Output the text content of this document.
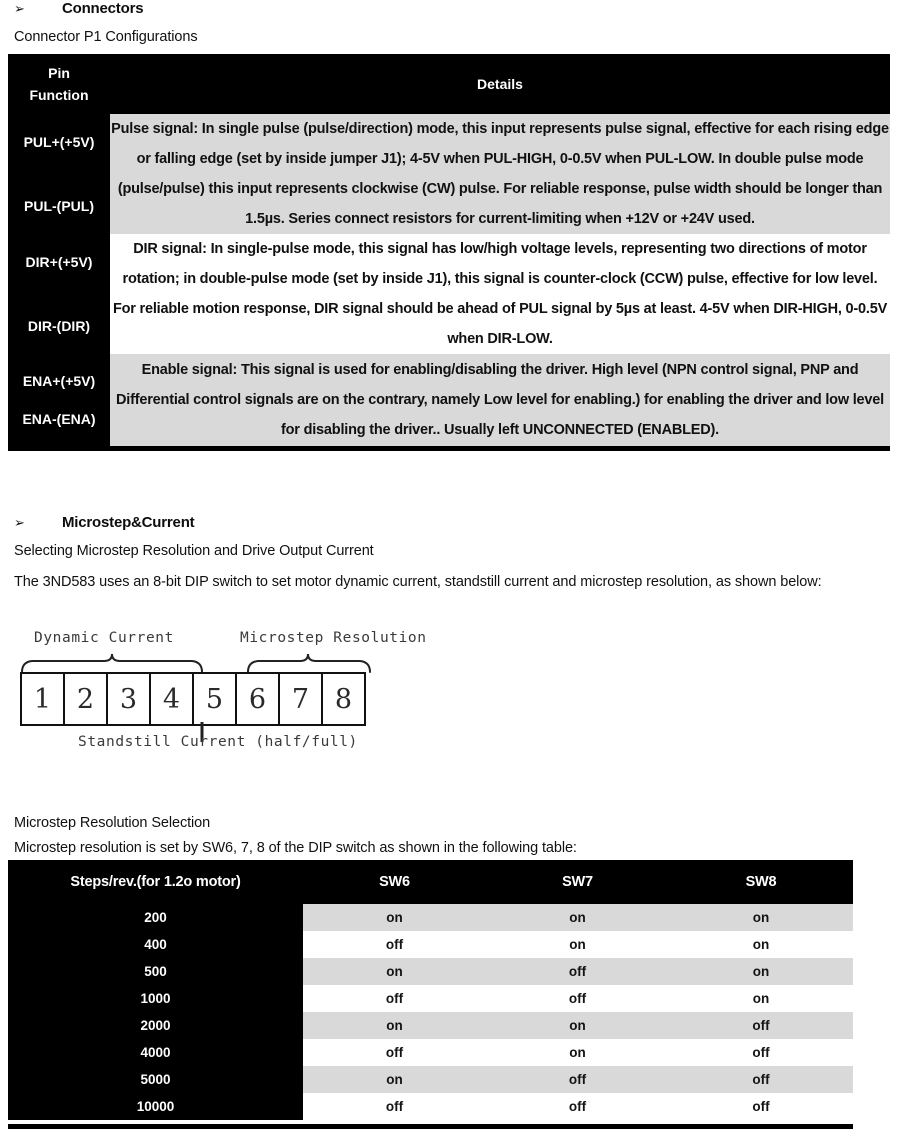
➢	Connectors
Connector P1 Configurations
Pin
Function	Details

PUL+(+5V)
PUL-(PUL)	Pulse signal: In single pulse (pulse/direction) mode, this input represents pulse signal, effective for each rising edge or falling edge (set by inside jumper J1); 4-5V when PUL-HIGH, 0-0.5V when PUL-LOW. In double pulse mode (pulse/pulse) this input represents clockwise (CW) pulse. For reliable response, pulse width should be longer than 1.5µs. Series connect resistors for current-limiting when +12V or +24V used.

DIR+(+5V)
DIR-(DIR)	DIR signal: In single-pulse mode, this signal has low/high voltage levels, representing two directions of motor rotation; in double-pulse mode (set by inside J1), this signal is counter-clock (CCW) pulse, effective for low level. For reliable motion response, DIR signal should be ahead of PUL signal by 5µs at least. 4-5V when DIR-HIGH, 0-0.5V when DIR-LOW.

ENA+(+5V)
ENA-(ENA)	Enable signal: This signal is used for enabling/disabling the driver. High level (NPN control signal, PNP and Differential control signals are on the contrary, namely Low level for enabling.) for enabling the driver and low level for disabling the driver.. Usually left UNCONNECTED (ENABLED).
➢	Microstep&Current
Selecting Microstep Resolution and Drive Output Current
The 3ND583 uses an 8-bit DIP switch to set motor dynamic current, standstill current and microstep resolution, as shown below:
Dynamic Current	Microstep Resolution
1 2 3 4 5 6 7 8
Standstill Current (half/full)
Microstep Resolution Selection
Microstep resolution is set by SW6, 7, 8 of the DIP switch as shown in the following table:
Steps/rev.(for 1.2o motor)	SW6	SW7	SW8
200	on	on	on
400	off	on	on
500	on	off	on
1000	off	off	on
2000	on	on	off
4000	off	on	off
5000	on	off	off
10000	off	off	off
